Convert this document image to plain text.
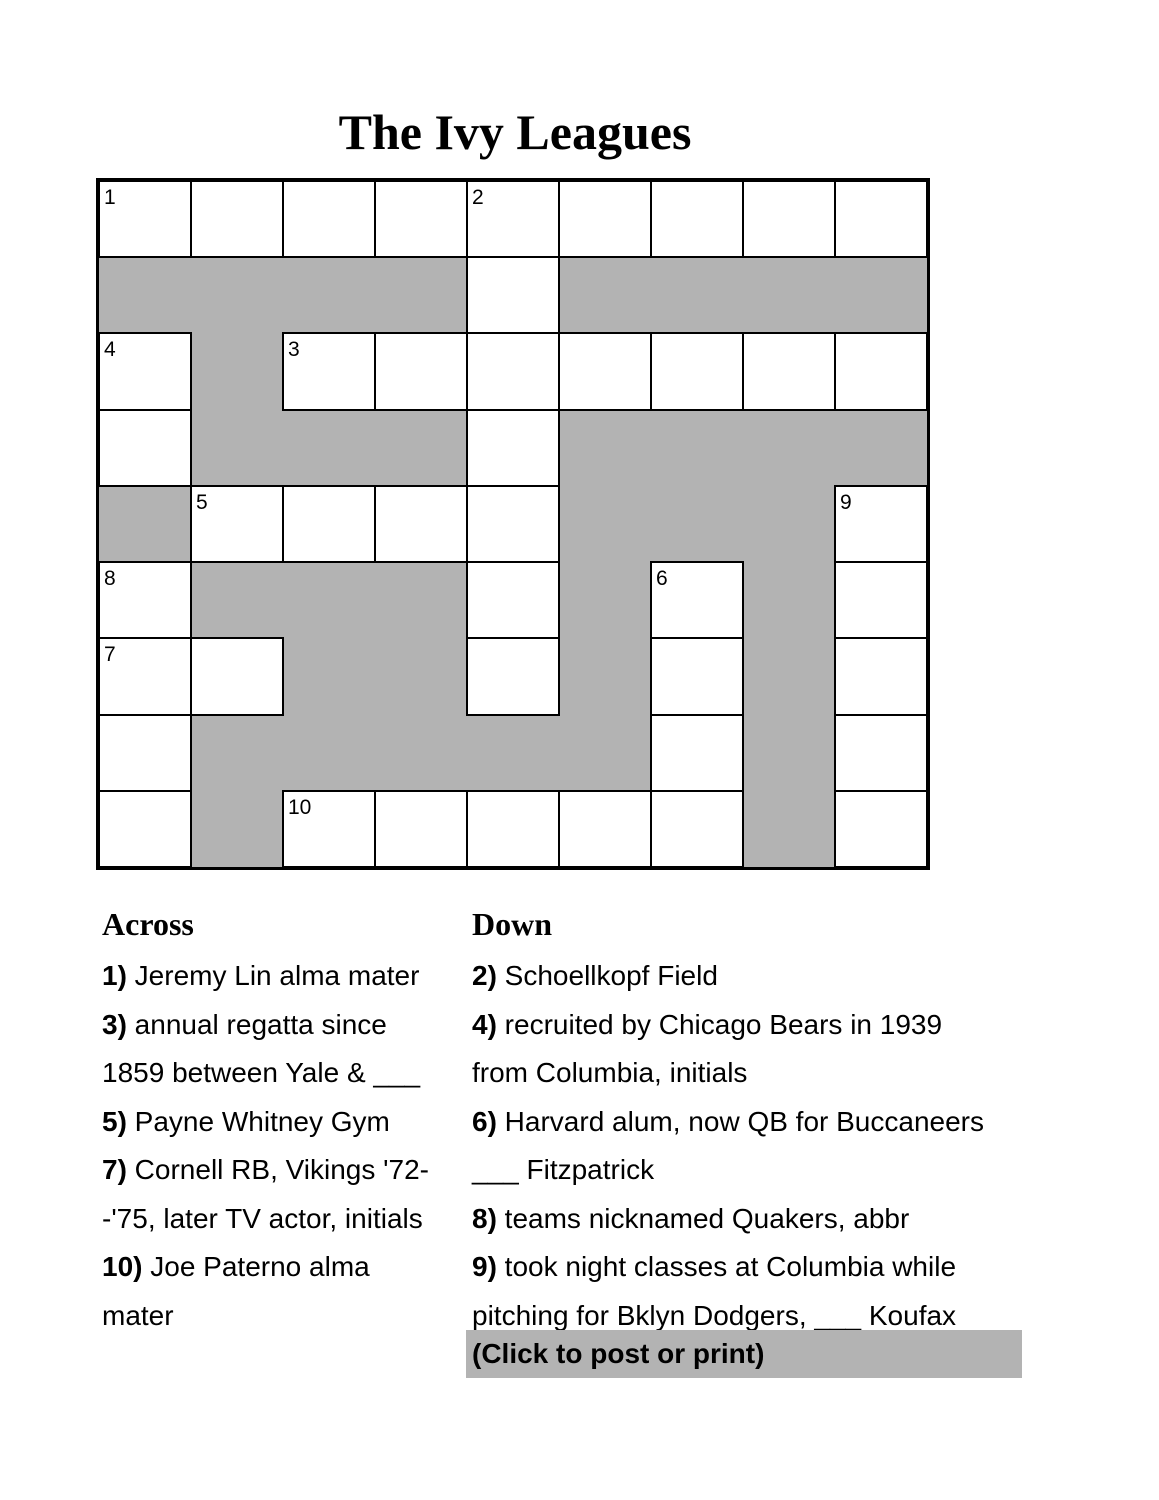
The Ivy Leagues
1	2
4	3
5	9
8	6
7
10
Across
1) Jeremy Lin alma mater
3) annual regatta since
1859 between Yale & ___
5) Payne Whitney Gym
7) Cornell RB, Vikings '72-
-'75, later TV actor, initials
10) Joe Paterno alma
mater
Down
2) Schoellkopf Field
4) recruited by Chicago Bears in 1939
from Columbia, initials
6) Harvard alum, now QB for Buccaneers
___ Fitzpatrick
8) teams nicknamed Quakers, abbr
9) took night classes at Columbia while
pitching for Bklyn Dodgers, ___ Koufax
(Click to post or print)
